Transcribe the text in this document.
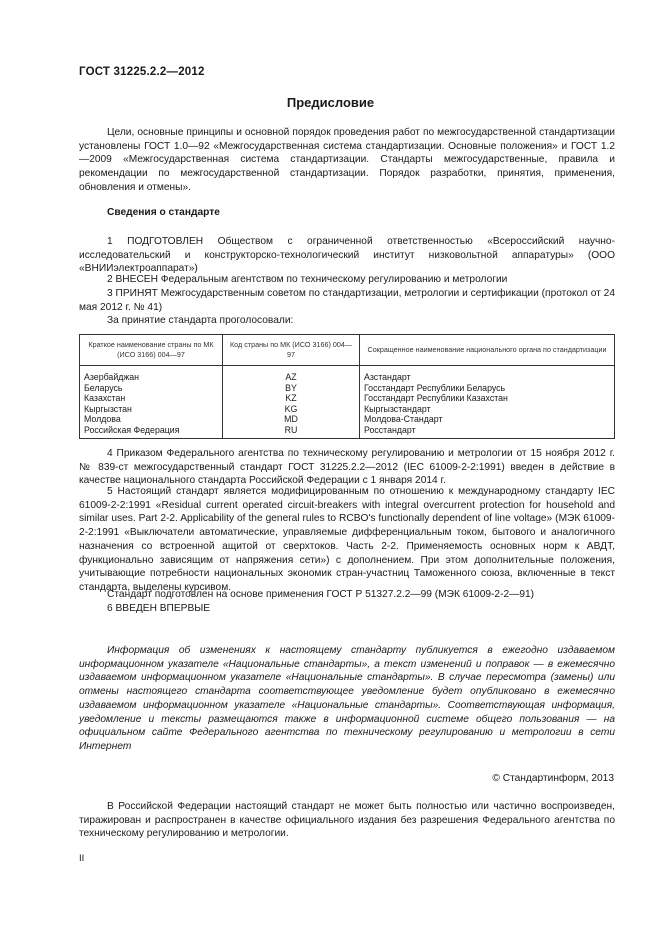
ГОСТ 31225.2.2—2012
Предисловие

Цели, основные принципы и основной порядок проведения работ по межгосударственной стандартизации установлены ГОСТ 1.0—92 «Межгосударственная система стандартизации. Основные положения» и ГОСТ 1.2—2009 «Межгосударственная система стандартизации. Стандарты межгосударственные, правила и рекомендации по межгосударственной стандартизации. Порядок разработки, принятия, применения, обновления и отмены».

Сведения о стандарте

1 ПОДГОТОВЛЕН Обществом с ограниченной ответственностью «Всероссийский научно-исследовательский и конструкторско-технологический институт низковольтной аппаратуры» (ООО «ВНИИэлектроаппарат»)

2 ВНЕСЕН Федеральным агентством по техническому регулированию и метрологии

3 ПРИНЯТ Межгосударственным советом по стандартизации, метрологии и сертификации (протокол от 24 мая 2012 г. № 41)

За принятие стандарта проголосовали:

Краткое наименование страны по МК (ИСО 3166) 004—97	Код страны по МК (ИСО 3166) 004—97	Сокращенное наименование национального органа по стандартизации
Азербайджан	AZ	Азстандарт
Беларусь	BY	Госстандарт Республики Беларусь
Казахстан	KZ	Госстандарт Республики Казахстан
Кыргызстан	KG	Кыргызстандарт
Молдова	MD	Молдова-Стандарт
Российская Федерация	RU	Росстандарт

4 Приказом Федерального агентства по техническому регулированию и метрологии от 15 ноября 2012 г. № 839-ст межгосударственный стандарт ГОСТ 31225.2.2—2012 (IEC 61009-2-2:1991) введен в действие в качестве национального стандарта Российской Федерации с 1 января 2014 г.

5 Настоящий стандарт является модифицированным по отношению к международному стандарту IEC 61009-2-2:1991 «Residual current operated circuit-breakers with integral overcurrent protection for household and similar uses. Part 2-2. Applicability of the general rules to RCBO's functionally dependent of line voltage» (МЭК 61009-2-2:1991 «Выключатели автоматические, управляемые дифференциальным током, бытового и аналогичного назначения со встроенной ащитой от сверхтоков. Часть 2-2. Применяемость основных норм к АВДТ, функционально зависящим от напряжения сети») с дополнением. При этом дополнительные положения, учитывающие потребности национальных экономик стран-участниц Таможенного союза, включенные в текст стандарта, выделены курсивом.

Стандарт подготовлен на основе применения ГОСТ Р 51327.2.2—99 (МЭК 61009-2-2—91)

6 ВВЕДЕН ВПЕРВЫЕ

Информация об изменениях к настоящему стандарту публикуется в ежегодно издаваемом информационном указателе «Национальные стандарты», а текст изменений и поправок — в ежемесячно издаваемом информационном указателе «Национальные стандарты». В случае пересмотра (замены) или отмены настоящего стандарта соответствующее уведомление будет опубликовано в ежемесячно издаваемом информационном указателе «Национальные стандарты». Соответствующая информация, уведомление и тексты размещаются также в информационной системе общего пользования — на официальном сайте Федерального агентства по техническому регулированию и метрологии в сети Интернет

© Стандартинформ, 2013

В Российской Федерации настоящий стандарт не может быть полностью или частично воспроизведен, тиражирован и распространен в качестве официального издания без разрешения Федерального агентства по техническому регулированию и метрологии.

II
